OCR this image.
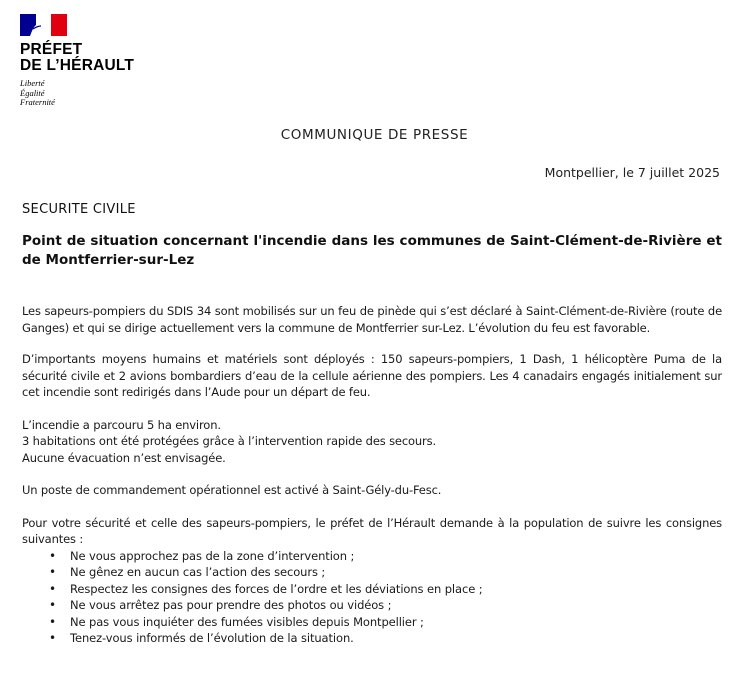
PRÉFET
DE L’HÉRAULT
Liberté
Égalité
Fraternité
COMMUNIQUE DE PRESSE
Montpellier, le 7 juillet 2025
SECURITE CIVILE
Point de situation concernant l'incendie dans les communes de Saint-Clément-de-Rivière et de Montferrier-sur-Lez

Les sapeurs-pompiers du SDIS 34 sont mobilisés sur un feu de pinède qui s’est déclaré à Saint-Clément-de-Rivière (route de Ganges) et qui se dirige actuellement vers la commune de Montferrier sur-Lez. L’évolution du feu est favorable.

D’importants moyens humains et matériels sont déployés : 150 sapeurs-pompiers, 1 Dash, 1 hélicoptère Puma de la sécurité civile et 2 avions bombardiers d’eau de la cellule aérienne des pompiers. Les 4 canadairs engagés initialement sur cet incendie sont redirigés dans l’Aude pour un départ de feu.

L’incendie a parcouru 5 ha environ.
3 habitations ont été protégées grâce à l’intervention rapide des secours.
Aucune évacuation n’est envisagée.

Un poste de commandement opérationnel est activé à Saint-Gély-du-Fesc.

Pour votre sécurité et celle des sapeurs-pompiers, le préfet de l’Hérault demande à la population de suivre les consignes suivantes :

• Ne vous approchez pas de la zone d’intervention ;
• Ne gênez en aucun cas l’action des secours ;
• Respectez les consignes des forces de l’ordre et les déviations en place ;
• Ne vous arrêtez pas pour prendre des photos ou vidéos ;
• Ne pas vous inquiéter des fumées visibles depuis Montpellier ;
• Tenez-vous informés de l’évolution de la situation.
